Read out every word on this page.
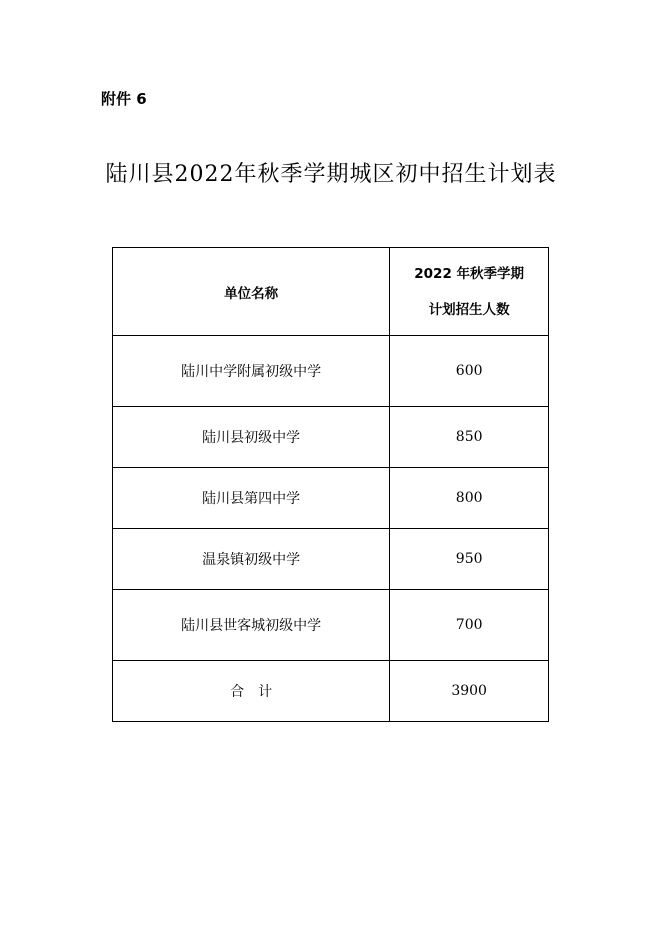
附件 6
陆川县2022年秋季学期城区初中招生计划表
单位名称	2022 年秋季学期
计划招生人数

陆川中学附属初级中学	600
陆川县初级中学	850
陆川县第四中学	800
温泉镇初级中学	950
陆川县世客城初级中学	700
合　计	3900
